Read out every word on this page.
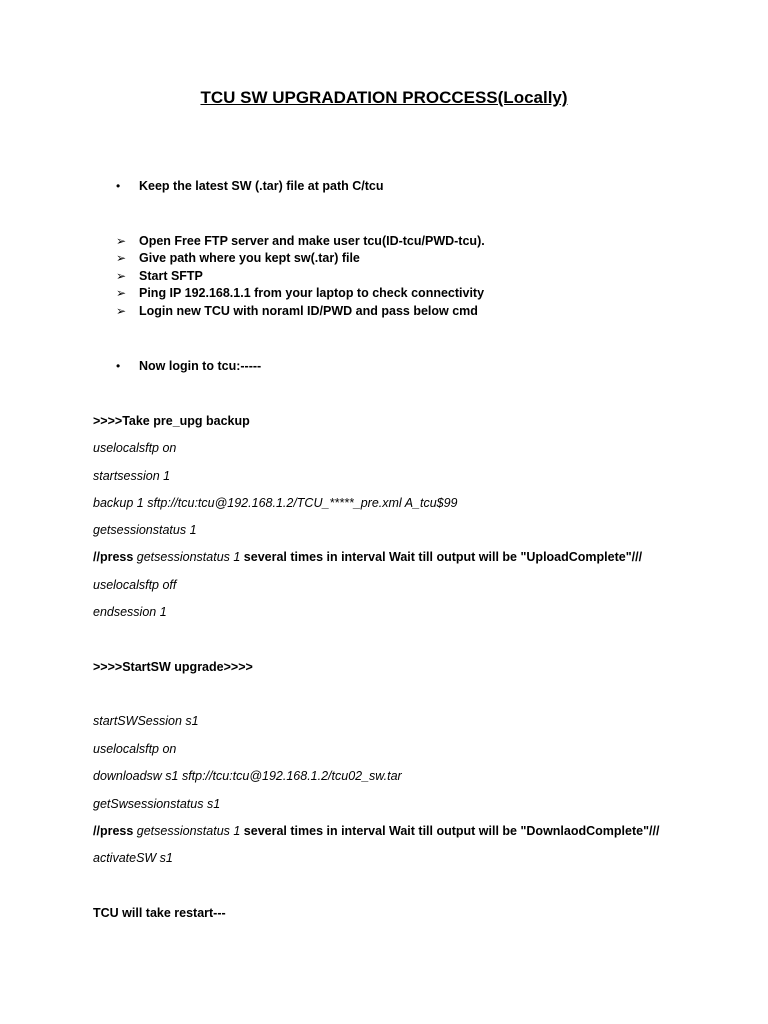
TCU SW UPGRADATION PROCCESS(Locally)
• Keep the latest SW (.tar) file at path C/tcu
➢ Open Free FTP server and make user tcu(ID-tcu/PWD-tcu).
➢ Give path where you kept sw(.tar) file
➢ Start SFTP
➢ Ping IP 192.168.1.1 from your laptop to check connectivity
➢ Login new TCU with noraml ID/PWD and pass below cmd
• Now login to tcu:-----
>>>>Take pre_upg backup
uselocalsftp on
startsession 1
backup 1 sftp://tcu:tcu@192.168.1.2/TCU_*****_pre.xml A_tcu$99
getsessionstatus 1
//press getsessionstatus 1 several times in interval Wait till output will be "UploadComplete"///
uselocalsftp off
endsession 1
>>>>StartSW upgrade>>>>
startSWSession s1
uselocalsftp on
downloadsw s1 sftp://tcu:tcu@192.168.1.2/tcu02_sw.tar
getSwsessionstatus s1
//press getsessionstatus 1 several times in interval Wait till output will be "DownlaodComplete"///
activateSW s1
TCU will take restart---
